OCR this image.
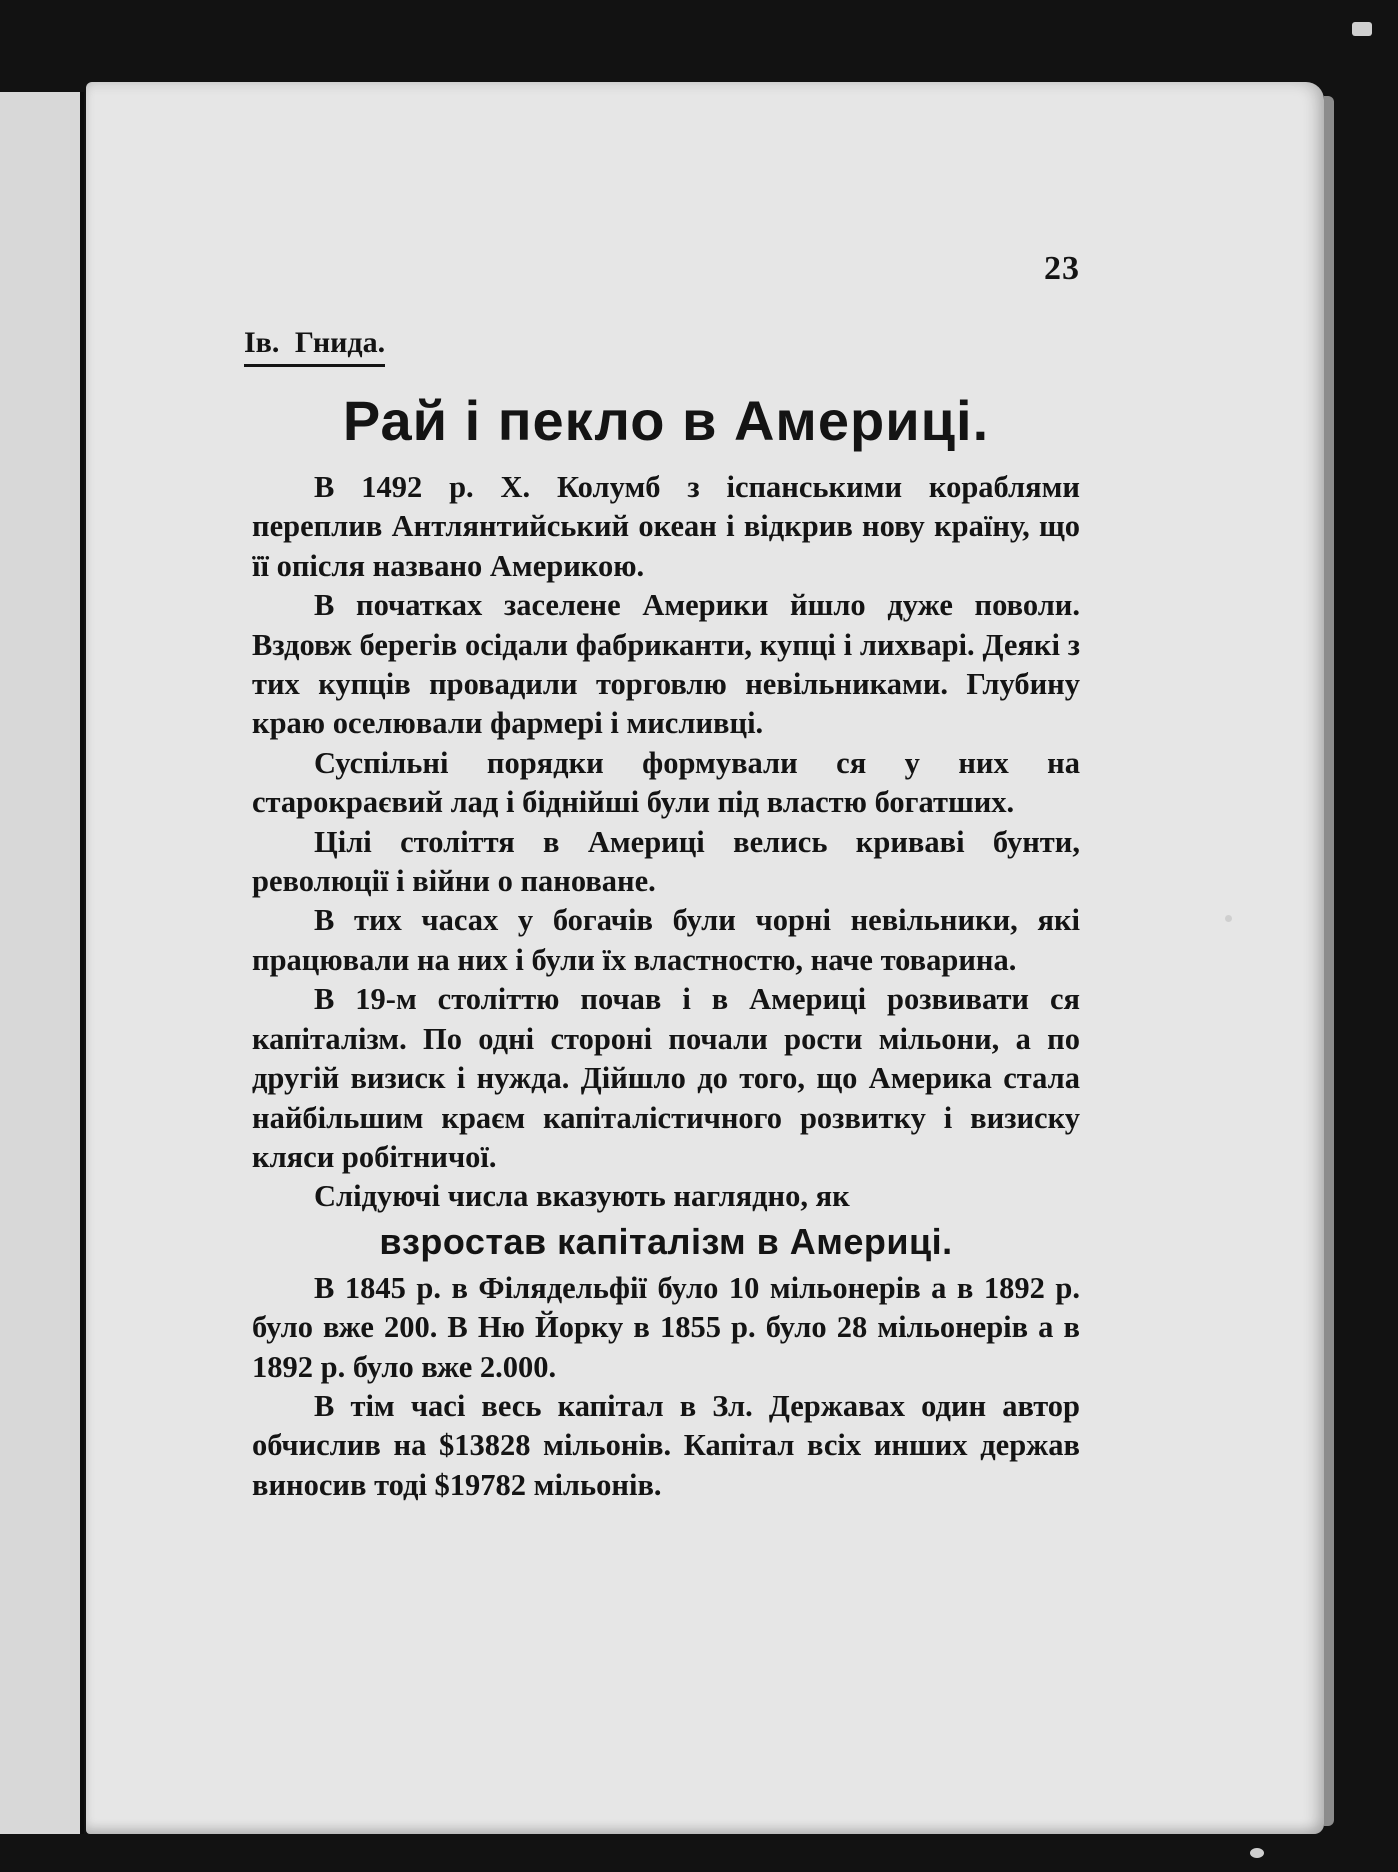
23
Ів. Гнида.
Рай і пекло в Америці.

В 1492 р. Х. Колумб з іспанськими кораблями переплив Антлянтийський океан і відкрив нову країну, що її опісля названо Америкою.

В початках заселене Америки йшло дуже поволи. Вздовж берегів осідали фабриканти, купці і лихварі. Деякі з тих купців провадили торговлю невільниками. Глубину краю оселювали фармері і мисливці.

Суспільні порядки формували ся у них на старокраєвий лад і біднійші були під властю богатших.

Цілі століття в Америці велись криваві бунти, революції і війни о пановане.

В тих часах у богачів були чорні невільники, які працювали на них і були їх властностю, наче товарина.

В 19-м століттю почав і в Америці розвивати ся капіталізм. По одні стороні почали рости мільони, а по другій визиск і нужда. Дійшло до того, що Америка стала найбільшим краєм капіталістичного розвитку і визиску кляси робітничої.

Слідуючі числа вказують наглядно, як

взростав капіталізм в Америці.

В 1845 р. в Філядельфії було 10 мільонерів а в 1892 р. було вже 200. В Ню Йорку в 1855 р. було 28 мільонерів а в 1892 р. було вже 2.000.

В тім часі весь капітал в Зл. Державах один автор обчислив на $13828 мільонів. Капітал всіх инших держав виносив тоді $19782 мільонів.
